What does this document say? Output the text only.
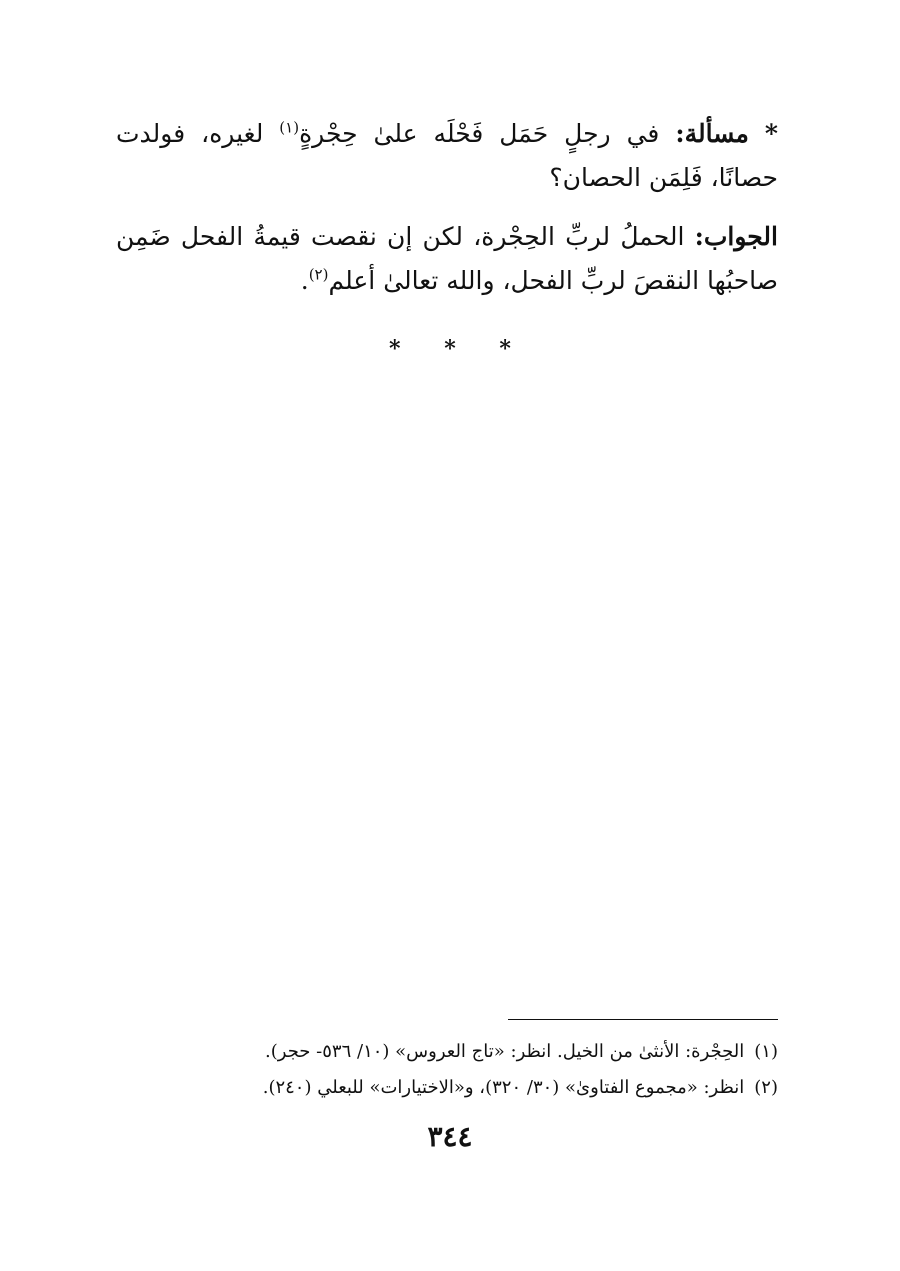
* مسألة: في رجلٍ حَمَل فَحْلَه علىٰ حِجْرةٍ$^{(١)}$ لغيره، فولدت حصانًا، فَلِمَن الحصان؟

الجواب: الحملُ لربِّ الحِجْرة، لكن إن نقصت قيمةُ الفحل ضَمِن صاحبُها النقصَ لربِّ الفحل، والله تعالىٰ أعلم$^{(٢)}$.

* * *

(١)الحِجْرة: الأنثىٰ من الخيل. انظر: «تاج العروس» (١٠/ ٥٣٦- حجر).

(٢)انظر: «مجموع الفتاوىٰ» (٣٠/ ٣٢٠)، و«الاختيارات» للبعلي (٢٤٠).

٣٤٤
